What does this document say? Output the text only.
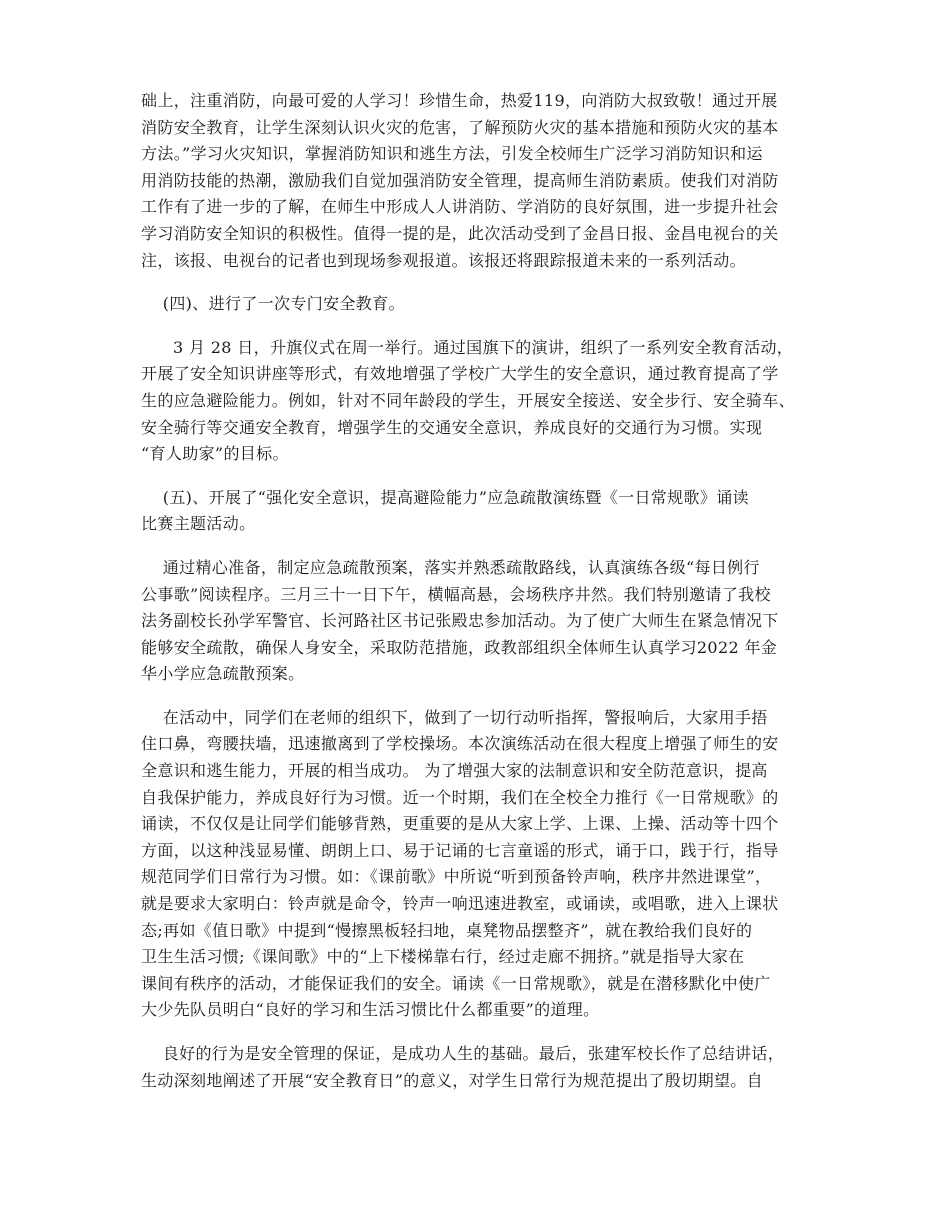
础上，注重消防，向最可爱的人学习！珍惜生命，热爱119，向消防大叔致敬！通过开展
消防安全教育，让学生深刻认识火灾的危害，了解预防火灾的基本措施和预防火灾的基本
方法。”学习火灾知识，掌握消防知识和逃生方法，引发全校师生广泛学习消防知识和运
用消防技能的热潮，激励我们自觉加强消防安全管理，提高师生消防素质。使我们对消防
工作有了进一步的了解，在师生中形成人人讲消防、学消防的良好氛围，进一步提升社会
学习消防安全知识的积极性。值得一提的是，此次活动受到了金昌日报、金昌电视台的关
注，该报、电视台的记者也到现场参观报道。该报还将跟踪报道未来的一系列活动。
(四)、进行了一次专门安全教育。
3 月 28 日，升旗仪式在周一举行。通过国旗下的演讲，组织了一系列安全教育活动，
开展了安全知识讲座等形式，有效地增强了学校广大学生的安全意识，通过教育提高了学
生的应急避险能力。例如，针对不同年龄段的学生，开展安全接送、安全步行、安全骑车、
安全骑行等交通安全教育，增强学生的交通安全意识，养成良好的交通行为习惯。实现
“育人助家”的目标。
(五)、开展了“强化安全意识，提高避险能力”应急疏散演练暨《一日常规歌》诵读
比赛主题活动。
通过精心准备，制定应急疏散预案，落实并熟悉疏散路线，认真演练各级“每日例行
公事歌”阅读程序。三月三十一日下午，横幅高悬，会场秩序井然。我们特别邀请了我校
法务副校长孙学军警官、长河路社区书记张殿忠参加活动。为了使广大师生在紧急情况下
能够安全疏散，确保人身安全，采取防范措施，政教部组织全体师生认真学习2022 年金
华小学应急疏散预案。
在活动中，同学们在老师的组织下，做到了一切行动听指挥，警报响后，大家用手捂
住口鼻，弯腰扶墙，迅速撤离到了学校操场。本次演练活动在很大程度上增强了师生的安
全意识和逃生能力，开展的相当成功。 为了增强大家的法制意识和安全防范意识，提高
自我保护能力，养成良好行为习惯。近一个时期，我们在全校全力推行《一日常规歌》的
诵读，不仅仅是让同学们能够背熟，更重要的是从大家上学、上课、上操、活动等十四个
方面，以这种浅显易懂、朗朗上口、易于记诵的七言童谣的形式，诵于口，践于行，指导
规范同学们日常行为习惯。如：《课前歌》中所说“听到预备铃声响，秩序井然进课堂”，
就是要求大家明白：铃声就是命令，铃声一响迅速进教室，或诵读，或唱歌，进入上课状
态;再如《值日歌》中提到“慢擦黑板轻扫地，桌凳物品摆整齐”，就在教给我们良好的
卫生生活习惯;《课间歌》中的“上下楼梯靠右行，经过走廊不拥挤。”就是指导大家在
课间有秩序的活动，才能保证我们的安全。诵读《一日常规歌》，就是在潜移默化中使广
大少先队员明白“良好的学习和生活习惯比什么都重要”的道理。
良好的行为是安全管理的保证，是成功人生的基础。最后，张建军校长作了总结讲话，
生动深刻地阐述了开展“安全教育日”的意义，对学生日常行为规范提出了殷切期望。自
